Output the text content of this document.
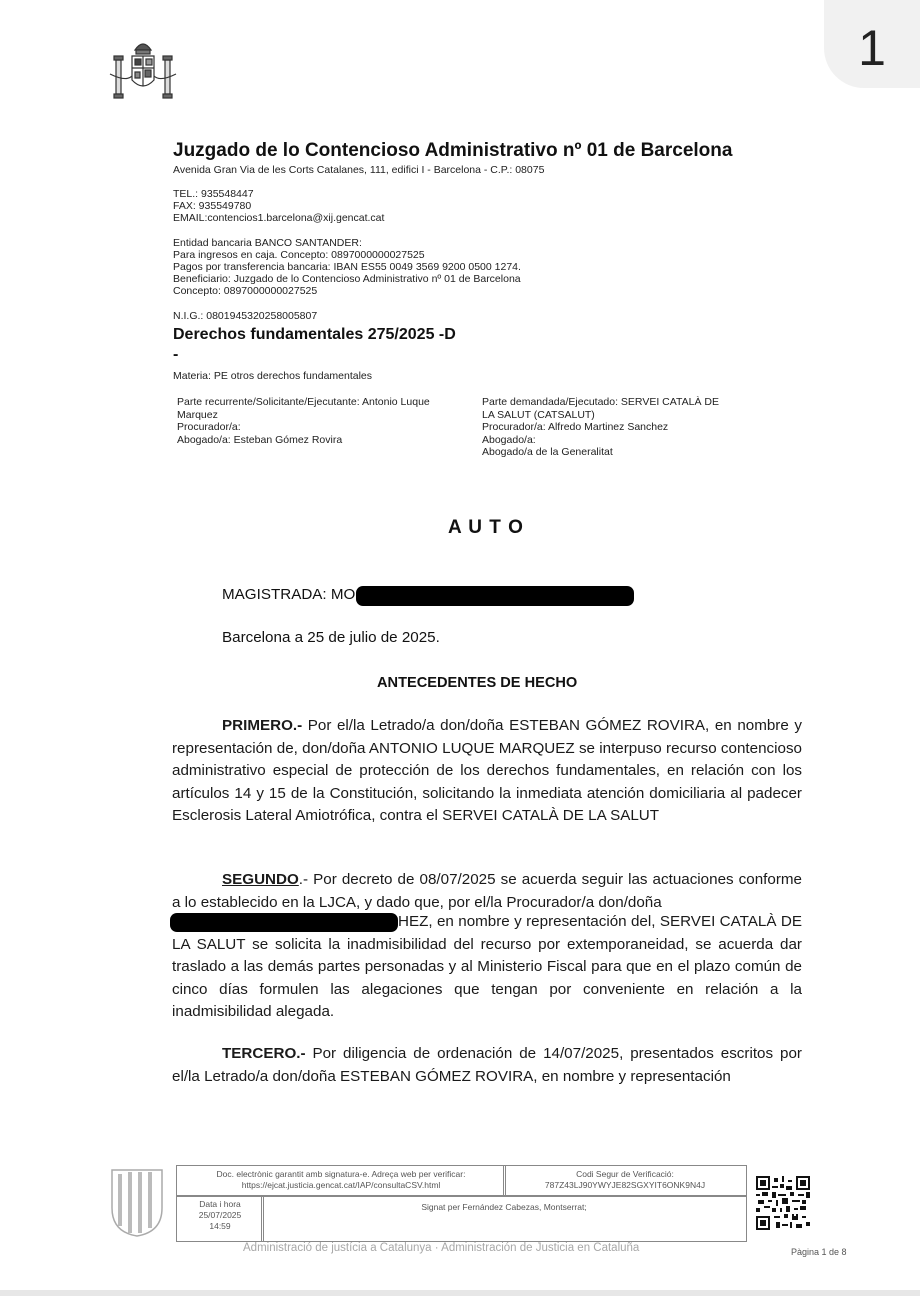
1
Juzgado de lo Contencioso Administrativo nº 01 de Barcelona
Avenida Gran Via de les Corts Catalanes, 111, edifici I - Barcelona - C.P.: 08075
TEL.: 935548447
FAX: 935549780
EMAIL:contencios1.barcelona@xij.gencat.cat
Entidad bancaria BANCO SANTANDER:
Para ingresos en caja. Concepto: 0897000000027525
Pagos por transferencia bancaria: IBAN ES55 0049 3569 9200 0500 1274.
Beneficiario: Juzgado de lo Contencioso Administrativo nº 01 de Barcelona
Concepto: 0897000000027525
N.I.G.: 0801945320258005807
Derechos fundamentales 275/2025 -D
-
Materia: PE otros derechos fundamentales
Parte recurrente/Solicitante/Ejecutante: Antonio Luque
Marquez
Procurador/a:
Abogado/a: Esteban Gómez Rovira
Parte demandada/Ejecutado: SERVEI CATALÀ DE
LA SALUT (CATSALUT)
Procurador/a: Alfredo Martinez Sanchez
Abogado/a:
Abogado/a de la Generalitat
A U T O
MAGISTRADA: MO
Barcelona a 25 de julio de 2025.
ANTECEDENTES DE HECHO
PRIMERO.- Por el/la Letrado/a don/doña ESTEBAN GÓMEZ ROVIRA, en nombre y representación de, don/doña ANTONIO LUQUE MARQUEZ se interpuso recurso contencioso administrativo especial de protección de los derechos fundamentales, en relación con los artículos 14 y 15 de la Constitución, solicitando la inmediata atención domiciliaria al padecer Esclerosis Lateral Amiotrófica, contra el SERVEI CATALÀ DE LA SALUT
SEGUNDO.- Por decreto de 08/07/2025 se acuerda seguir las actuaciones conforme a lo establecido en la LJCA, y dado que, por el/la Procurador/a don/doña
HEZ, en nombre y representación del, SERVEI CATALÀ DE LA SALUT se solicita la inadmisibilidad del recurso por extemporaneidad, se acuerda dar traslado a las demás partes personadas y al Ministerio Fiscal para que en el plazo común de cinco días formulen las alegaciones que tengan por conveniente en relación a la inadmisibilidad alegada.
TERCERO.- Por diligencia de ordenación de 14/07/2025, presentados escritos por el/la Letrado/a don/doña ESTEBAN GÓMEZ ROVIRA, en nombre y representación
Doc. electrònic garantit amb signatura-e. Adreça web per verificar:
https://ejcat.justicia.gencat.cat/IAP/consultaCSV.html
Codi Segur de Verificació:
787Z43LJ90YWYJE82SGXYIT6ONK9N4J
Data i hora
25/07/2025
14:59
Signat per Fernández Cabezas, Montserrat;
Administració de justícia a Catalunya · Administración de Justicia en Cataluña	Pàgina 1 de 8
